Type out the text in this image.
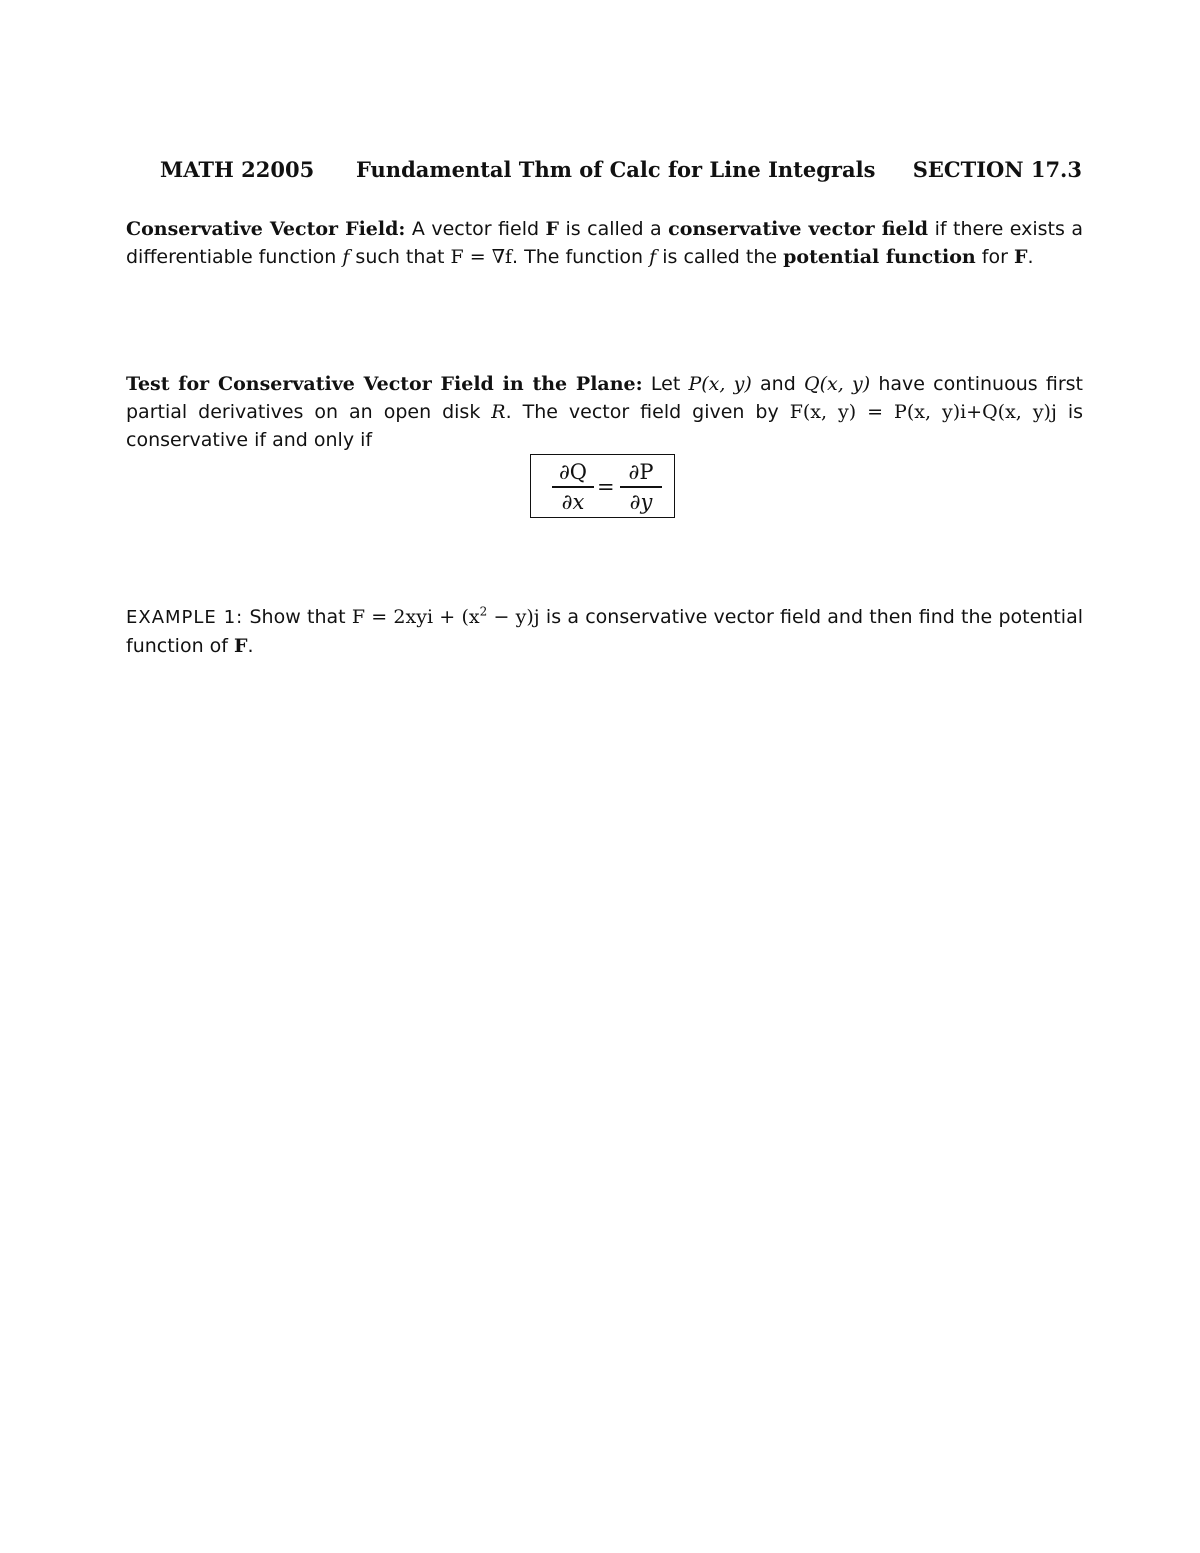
MATH 22005 Fundamental Thm of Calc for Line Integrals SECTION 17.3
Conservative Vector Field: A vector field F is called a conservative vector field if there exists a differentiable function f such that F = ∇f. The function f is called the potential function for F.
Test for Conservative Vector Field in the Plane: Let P(x, y) and Q(x, y) have continuous first partial derivatives on an open disk R. The vector field given by F(x, y) = P(x, y)i+Q(x, y)j is conservative if and only if
∂Q
∂x
=
∂P
∂y
EXAMPLE 1: Show that $F = 2xyi + (x^2 - y)j$ is a conservative vector field and then find the potential function of F.
